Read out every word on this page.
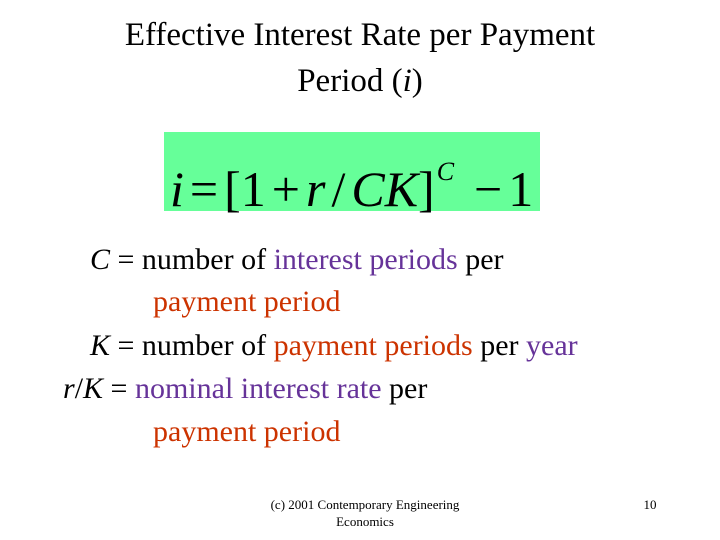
Effective Interest Rate per Payment
Period (i)
i = [1 + r / CK]$^C$ − 1
C = number of interest periods per
payment period
K = number of payment periods per year
r/K = nominal interest rate per
payment period
(c) 2001 Contemporary Engineering
Economics
10
